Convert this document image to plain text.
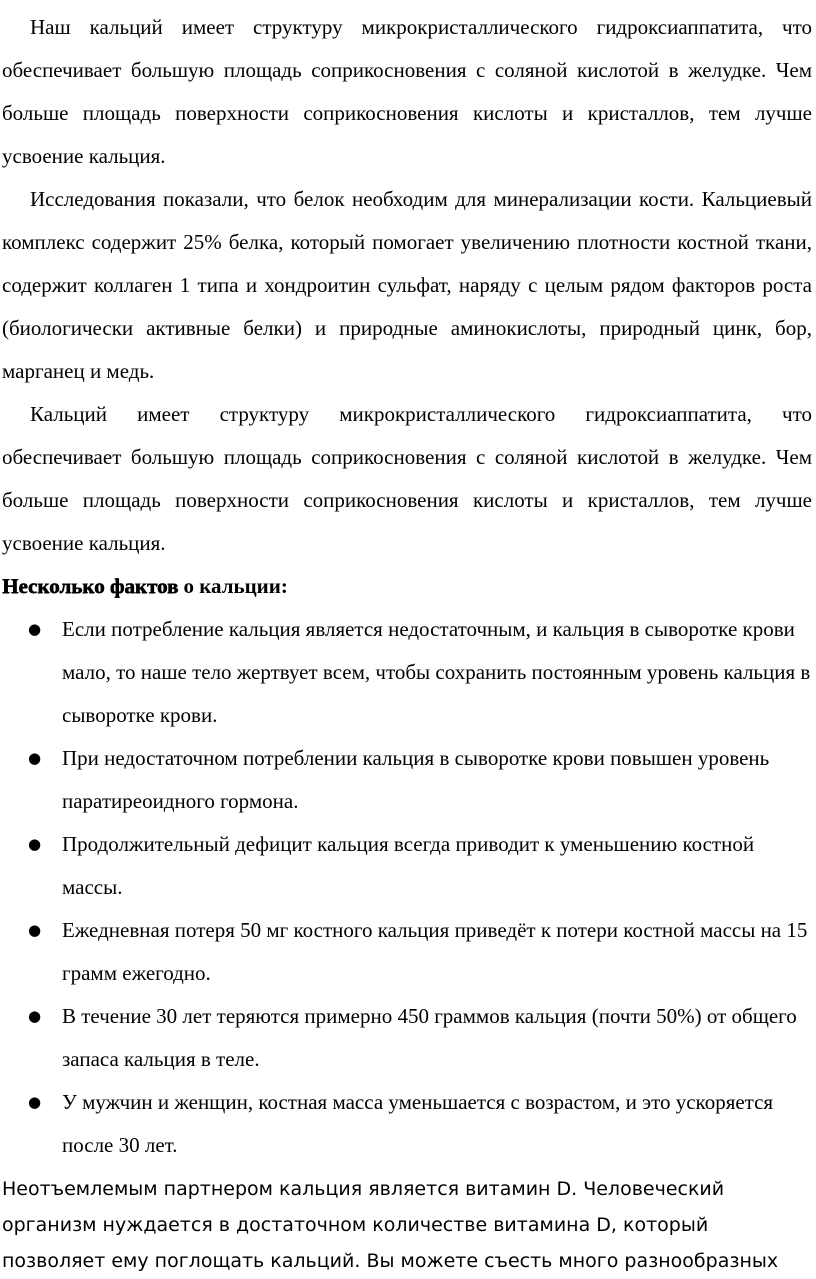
Наш кальций имеет структуру микрокристаллического гидроксиаппатита, что обеспечивает большую площадь соприкосновения с соляной кислотой в желудке. Чем больше площадь поверхности соприкосновения кислоты и кристаллов, тем лучше усвоение кальция.

Исследования показали, что белок необходим для минерализации кости. Кальциевый комплекс содержит 25% белка, который помогает увеличению плотности костной ткани, содержит коллаген 1 типа и хондроитин сульфат, наряду с целым рядом факторов роста (биологически активные белки) и природные аминокислоты, природный цинк, бор, марганец и медь.

Кальций имеет структуру микрокристаллического гидроксиаппатита, что обеспечивает большую площадь соприкосновения с соляной кислотой в желудке. Чем больше площадь поверхности соприкосновения кислоты и кристаллов, тем лучше усвоение кальция.

Несколько фактов о кальции:

● Если потребление кальция является недостаточным, и кальция в сыворотке крови мало, то наше тело жертвует всем, чтобы сохранить постоянным уровень кальция в сыворотке крови.
● При недостаточном потреблении кальция в сыворотке крови повышен уровень паратиреоидного гормона.
● Продолжительный дефицит кальция всегда приводит к уменьшению костной массы.
● Ежедневная потеря 50 мг костного кальция приведёт к потери костной массы на 15 грамм ежегодно.
● В течение 30 лет теряются примерно 450 граммов кальция (почти 50%) от общего запаса кальция в теле.
● У мужчин и женщин, костная масса уменьшается с возрастом, и это ускоряется после 30 лет.

Неотъемлемым партнером кальция является витамин D. Человеческий организм нуждается в достаточном количестве витамина D, который позволяет ему поглощать кальций. Вы можете съесть много разнообразных
